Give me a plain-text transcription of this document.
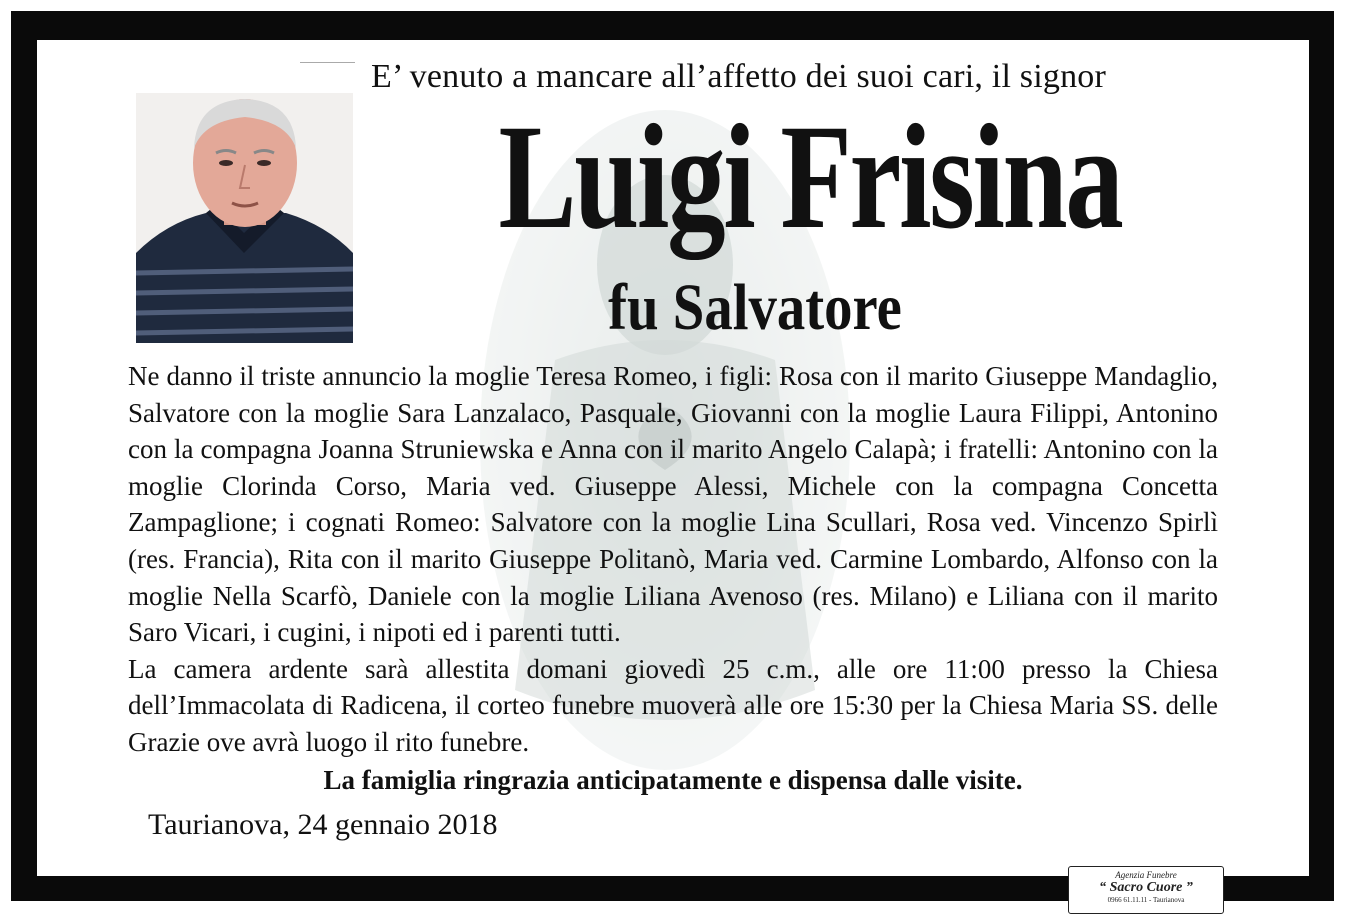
E’ venuto a mancare all’affetto dei suoi cari, il signor
Luigi Frisina
fu Salvatore

Ne danno il triste annuncio la moglie Teresa Romeo, i figli: Rosa con il marito Giuseppe Mandaglio, Salvatore con la moglie Sara Lanzalaco, Pasquale, Giovanni con la moglie Laura Filippi, Antonino con la compagna Joanna Struniewska e Anna con il marito Angelo Calapà; i fratelli: Antonino con la moglie Clorinda Corso, Maria ved. Giuseppe Alessi, Michele con la compagna Concetta Zampaglione; i cognati Romeo: Salvatore con la moglie Lina Scullari, Rosa ved. Vincenzo Spirlì (res. Francia), Rita con il marito Giuseppe Politanò, Maria ved. Carmine Lombardo, Alfonso con la moglie Nella Scarfò, Daniele con la moglie Liliana Avenoso (res. Milano) e Liliana con il marito Saro Vicari, i cugini, i nipoti ed i parenti tutti.

La camera ardente sarà allestita domani giovedì 25 c.m., alle ore 11:00 presso la Chiesa dell’Immacolata di Radicena, il corteo funebre muoverà alle ore 15:30 per la Chiesa Maria SS. delle Grazie ove avrà luogo il rito funebre.

La famiglia ringrazia anticipatamente e dispensa dalle visite.
Taurianova, 24 gennaio 2018
Agenzia Funebre
“ Sacro Cuore ”
0966 61.11.11 - Taurianova
